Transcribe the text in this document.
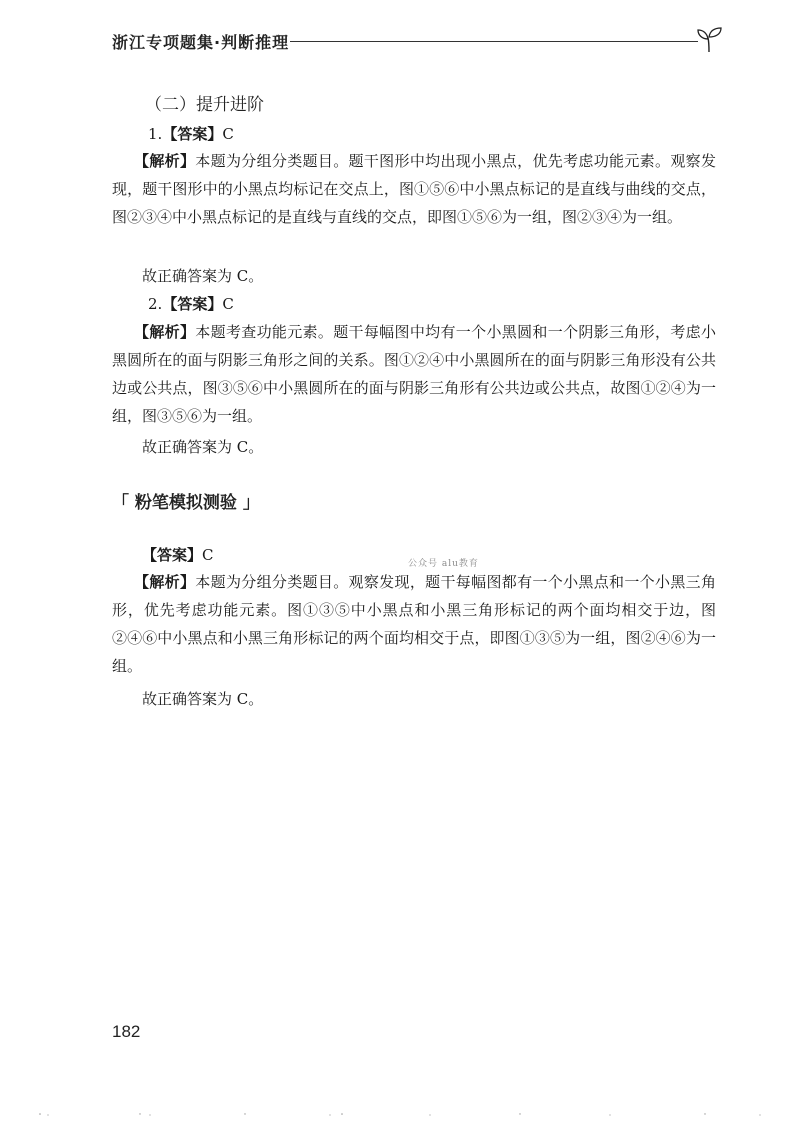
浙江专项题集·判断推理
（二）提升进阶
1.【答案】C
【解析】本题为分组分类题目。题干图形中均出现小黑点，优先考虑功能元素。观察发现，题干图形中的小黑点均标记在交点上，图①⑤⑥中小黑点标记的是直线与曲线的交点，图②③④中小黑点标记的是直线与直线的交点，即图①⑤⑥为一组，图②③④为一组。
故正确答案为 C。
2.【答案】C
【解析】本题考查功能元素。题干每幅图中均有一个小黑圆和一个阴影三角形，考虑小黑圆所在的面与阴影三角形之间的关系。图①②④中小黑圆所在的面与阴影三角形没有公共边或公共点，图③⑤⑥中小黑圆所在的面与阴影三角形有公共边或公共点，故图①②④为一组，图③⑤⑥为一组。
故正确答案为 C。
「 粉笔模拟测验 」
【答案】C	公众号 alu教育
【解析】本题为分组分类题目。观察发现，题干每幅图都有一个小黑点和一个小黑三角形，优先考虑功能元素。图①③⑤中小黑点和小黑三角形标记的两个面均相交于边，图②④⑥中小黑点和小黑三角形标记的两个面均相交于点，即图①③⑤为一组，图②④⑥为一组。
故正确答案为 C。
182
